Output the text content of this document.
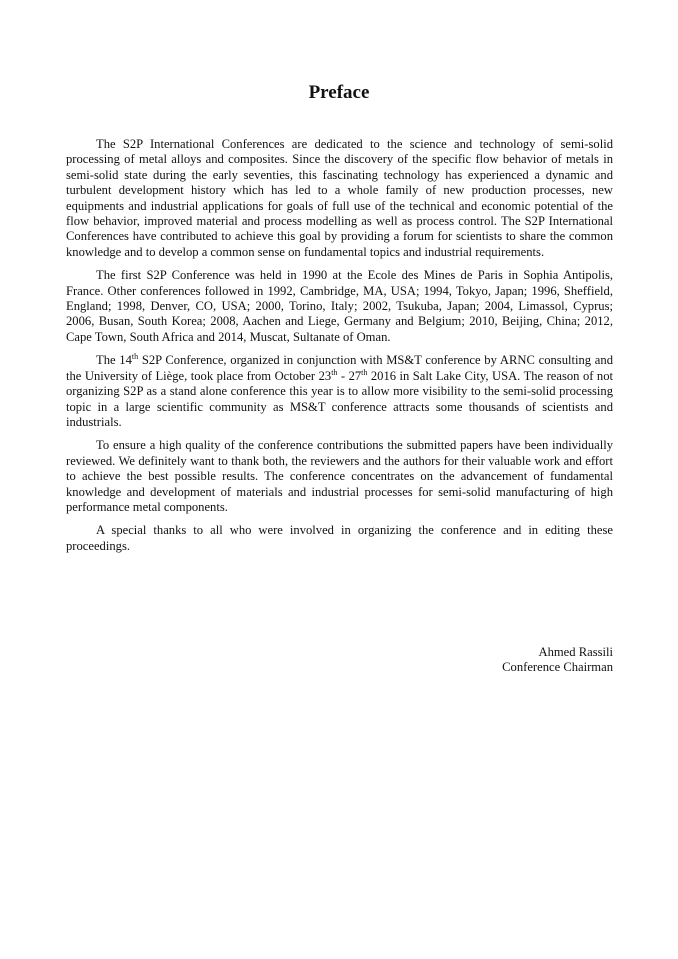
Preface

The S2P International Conferences are dedicated to the science and technology of semi-solid processing of metal alloys and composites. Since the discovery of the specific flow behavior of metals in semi-solid state during the early seventies, this fascinating technology has experienced a dynamic and turbulent development history which has led to a whole family of new production processes, new equipments and industrial applications for goals of full use of the technical and economic potential of the flow behavior, improved material and process modelling as well as process control. The S2P International Conferences have contributed to achieve this goal by providing a forum for scientists to share the common knowledge and to develop a common sense on fundamental topics and industrial requirements.

The first S2P Conference was held in 1990 at the Ecole des Mines de Paris in Sophia Antipolis, France. Other conferences followed in 1992, Cambridge, MA, USA; 1994, Tokyo, Japan; 1996, Sheffield, England; 1998, Denver, CO, USA; 2000, Torino, Italy; 2002, Tsukuba, Japan; 2004, Limassol, Cyprus; 2006, Busan, South Korea; 2008, Aachen and Liege, Germany and Belgium; 2010, Beijing, China; 2012, Cape Town, South Africa and 2014, Muscat, Sultanate of Oman.

The 14th S2P Conference, organized in conjunction with MS&T conference by ARNC consulting and the University of Liège, took place from October 23th - 27th 2016 in Salt Lake City, USA. The reason of not organizing S2P as a stand alone conference this year is to allow more visibility to the semi-solid processing topic in a large scientific community as MS&T conference attracts some thousands of scientists and industrials.

To ensure a high quality of the conference contributions the submitted papers have been individually reviewed. We definitely want to thank both, the reviewers and the authors for their valuable work and effort to achieve the best possible results. The conference concentrates on the advancement of fundamental knowledge and development of materials and industrial processes for semi-solid manufacturing of high performance metal components.

A special thanks to all who were involved in organizing the conference and in editing these proceedings.

Ahmed Rassili
Conference Chairman
